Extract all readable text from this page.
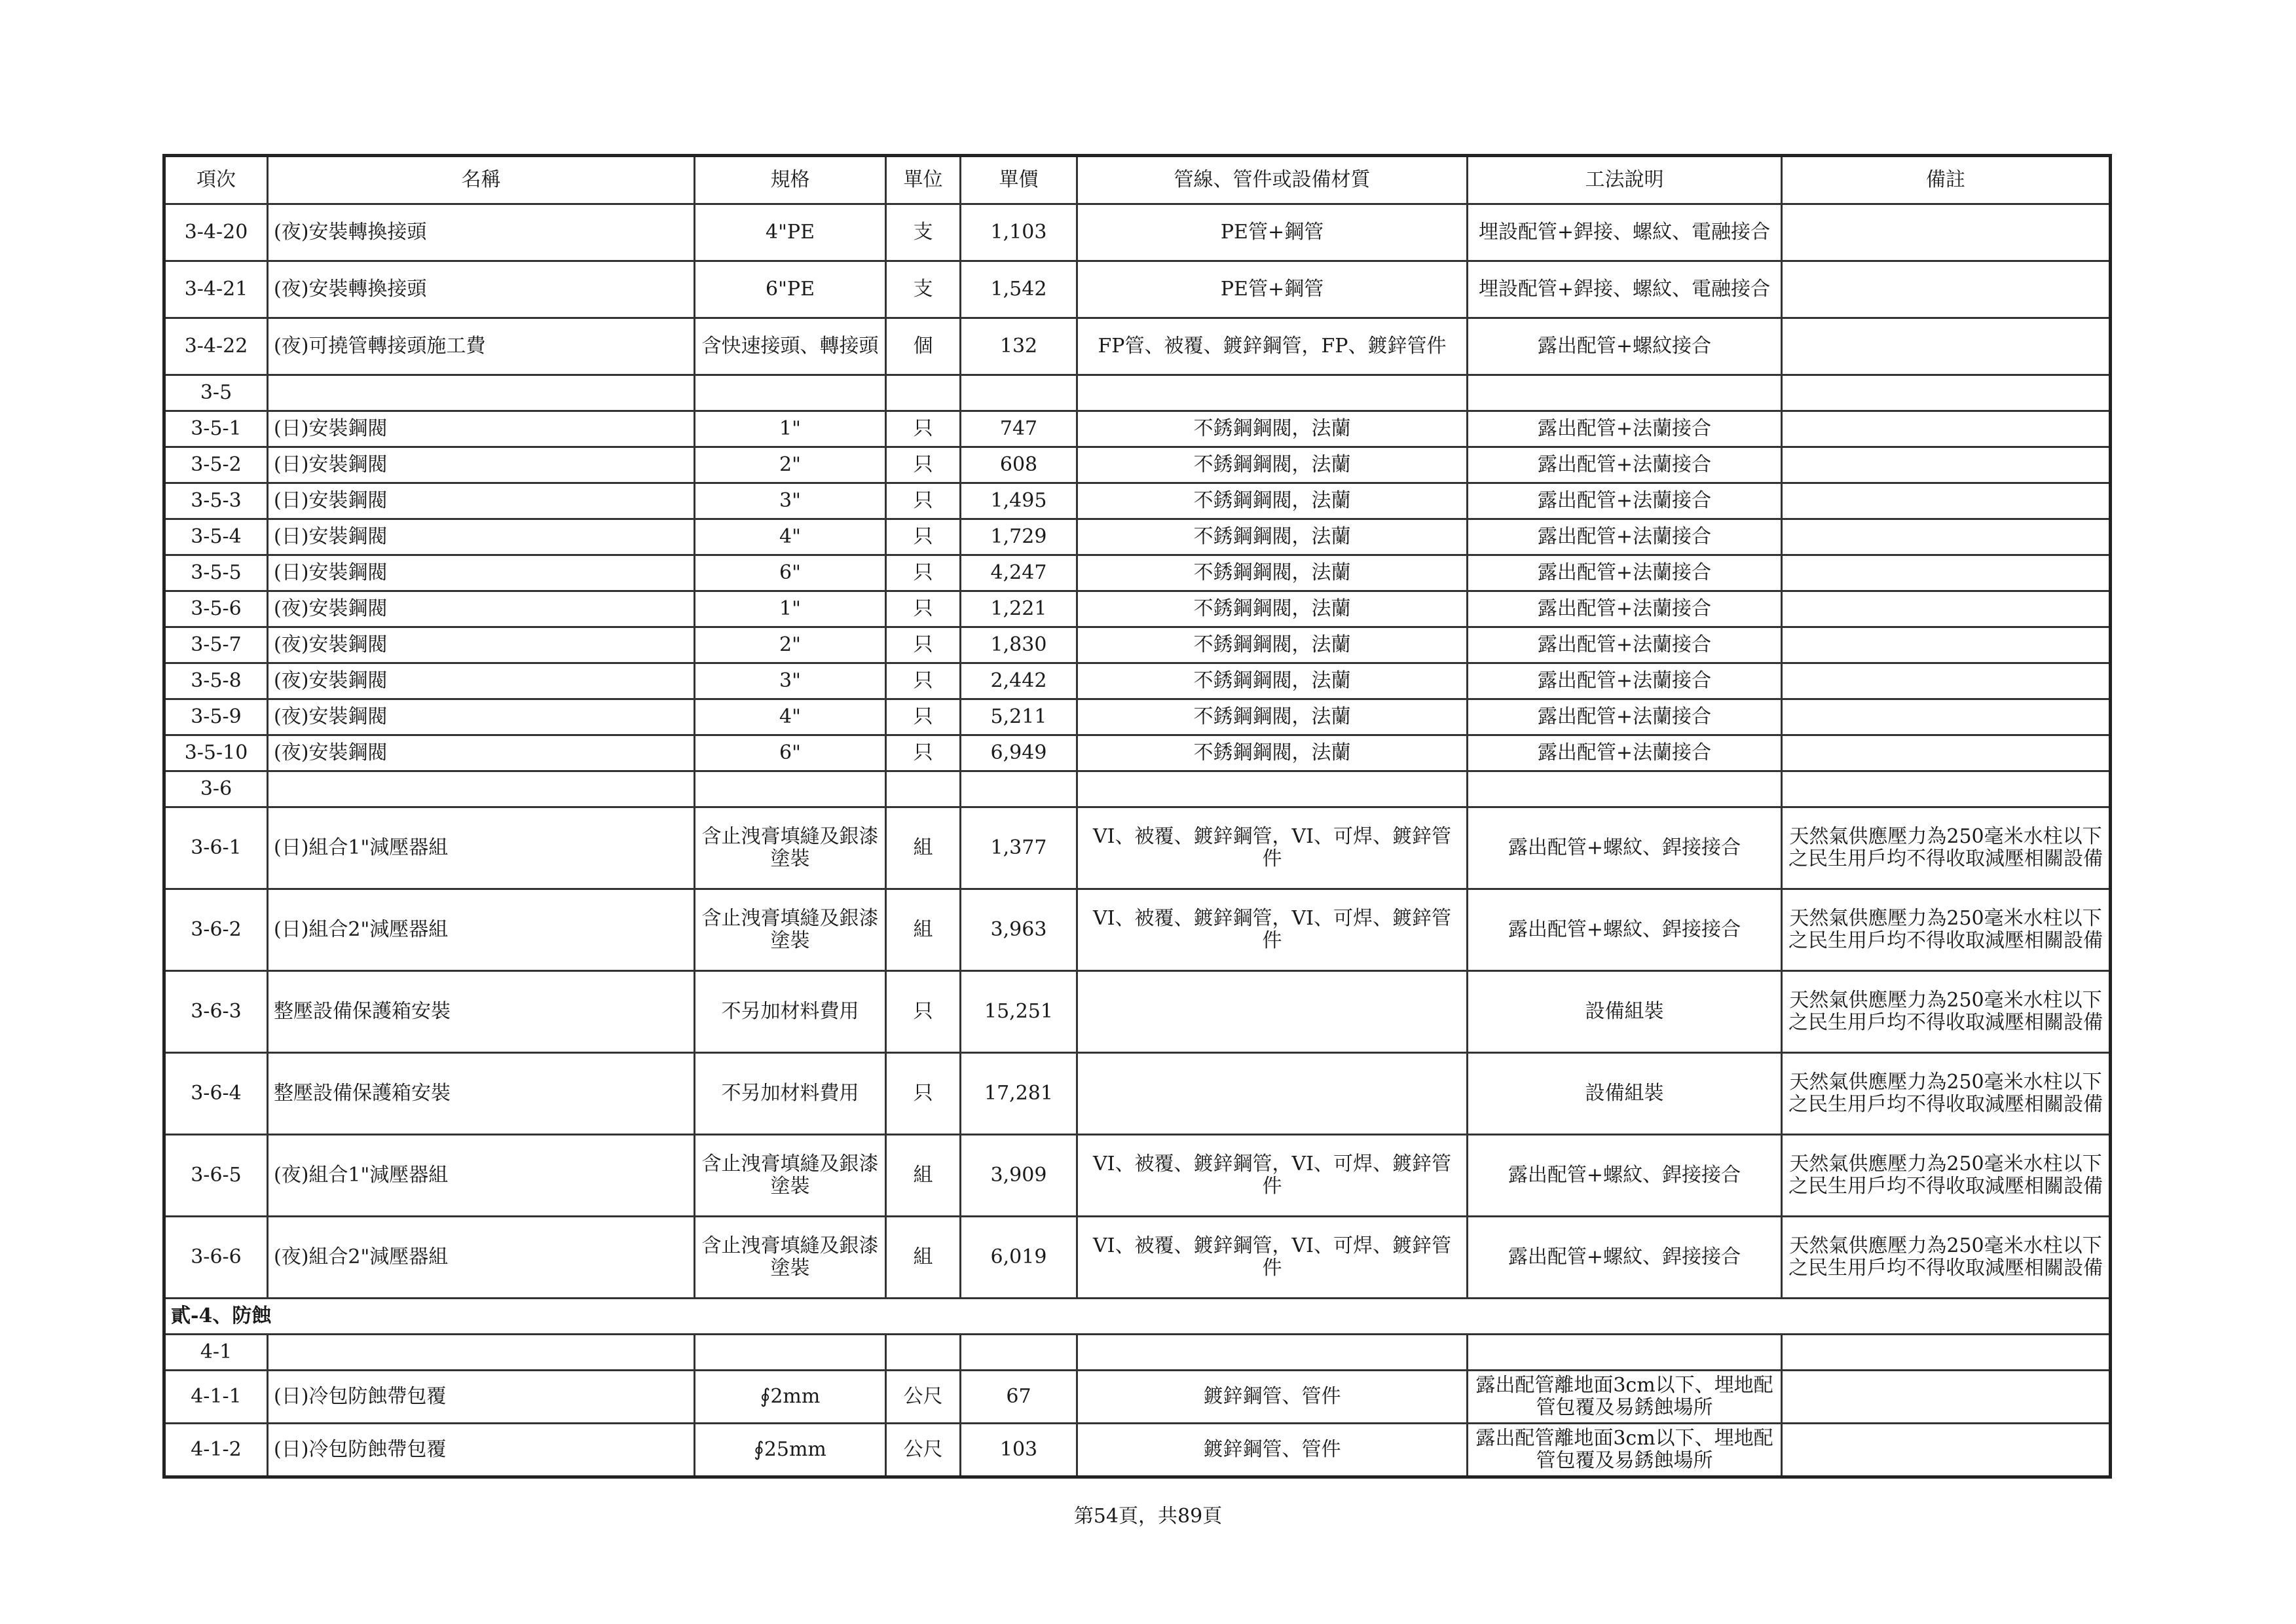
項次	名稱	規格	單位	單價	管線、管件或設備材質	工法說明	備註
3-4-20	(夜)安裝轉換接頭	4"PE	支	1,103	PE管+鋼管	埋設配管+銲接、螺紋、電融接合	
3-4-21	(夜)安裝轉換接頭	6"PE	支	1,542	PE管+鋼管	埋設配管+銲接、螺紋、電融接合	
3-4-22	(夜)可撓管轉接頭施工費	含快速接頭、轉接頭	個	132	FP管、被覆、鍍鋅鋼管，FP、鍍鋅管件	露出配管+螺紋接合	
3-5							
3-5-1	(日)安裝鋼閥	1"	只	747	不銹鋼鋼閥，法蘭	露出配管+法蘭接合	
3-5-2	(日)安裝鋼閥	2"	只	608	不銹鋼鋼閥，法蘭	露出配管+法蘭接合	
3-5-3	(日)安裝鋼閥	3"	只	1,495	不銹鋼鋼閥，法蘭	露出配管+法蘭接合	
3-5-4	(日)安裝鋼閥	4"	只	1,729	不銹鋼鋼閥，法蘭	露出配管+法蘭接合	
3-5-5	(日)安裝鋼閥	6"	只	4,247	不銹鋼鋼閥，法蘭	露出配管+法蘭接合	
3-5-6	(夜)安裝鋼閥	1"	只	1,221	不銹鋼鋼閥，法蘭	露出配管+法蘭接合	
3-5-7	(夜)安裝鋼閥	2"	只	1,830	不銹鋼鋼閥，法蘭	露出配管+法蘭接合	
3-5-8	(夜)安裝鋼閥	3"	只	2,442	不銹鋼鋼閥，法蘭	露出配管+法蘭接合	
3-5-9	(夜)安裝鋼閥	4"	只	5,211	不銹鋼鋼閥，法蘭	露出配管+法蘭接合	
3-5-10	(夜)安裝鋼閥	6"	只	6,949	不銹鋼鋼閥，法蘭	露出配管+法蘭接合	
3-6							
3-6-1	(日)組合1"減壓器組	含止洩膏填縫及銀漆塗裝	組	1,377	VI、被覆、鍍鋅鋼管，VI、可焊、鍍鋅管件	露出配管+螺紋、銲接接合	天然氣供應壓力為250毫米水柱以下之民生用戶均不得收取減壓相關設備
3-6-2	(日)組合2"減壓器組	含止洩膏填縫及銀漆塗裝	組	3,963	VI、被覆、鍍鋅鋼管，VI、可焊、鍍鋅管件	露出配管+螺紋、銲接接合	天然氣供應壓力為250毫米水柱以下之民生用戶均不得收取減壓相關設備
3-6-3	整壓設備保護箱安裝	不另加材料費用	只	15,251		設備組裝	天然氣供應壓力為250毫米水柱以下之民生用戶均不得收取減壓相關設備
3-6-4	整壓設備保護箱安裝	不另加材料費用	只	17,281		設備組裝	天然氣供應壓力為250毫米水柱以下之民生用戶均不得收取減壓相關設備
3-6-5	(夜)組合1"減壓器組	含止洩膏填縫及銀漆塗裝	組	3,909	VI、被覆、鍍鋅鋼管，VI、可焊、鍍鋅管件	露出配管+螺紋、銲接接合	天然氣供應壓力為250毫米水柱以下之民生用戶均不得收取減壓相關設備
3-6-6	(夜)組合2"減壓器組	含止洩膏填縫及銀漆塗裝	組	6,019	VI、被覆、鍍鋅鋼管，VI、可焊、鍍鋅管件	露出配管+螺紋、銲接接合	天然氣供應壓力為250毫米水柱以下之民生用戶均不得收取減壓相關設備
貳-4、防蝕							
4-1							
4-1-1	(日)冷包防蝕帶包覆	∮2mm	公尺	67	鍍鋅鋼管、管件	露出配管離地面3cm以下、埋地配管包覆及易銹蝕場所	
4-1-2	(日)冷包防蝕帶包覆	∮25mm	公尺	103	鍍鋅鋼管、管件	露出配管離地面3cm以下、埋地配管包覆及易銹蝕場所	
第54頁，共89頁
